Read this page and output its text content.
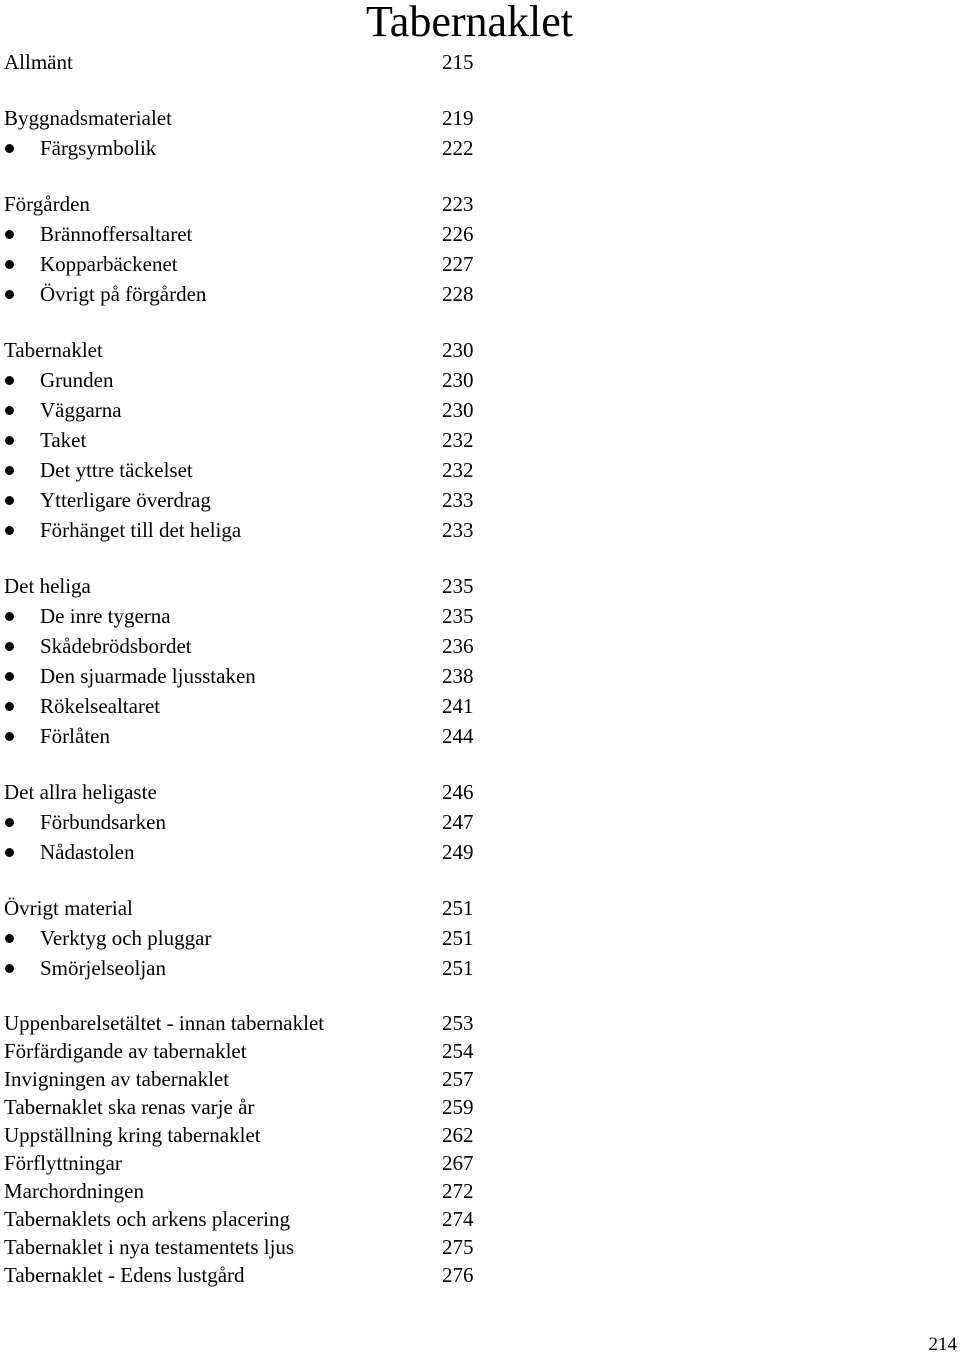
Tabernaklet
Allmänt	215
Byggnadsmaterialet	219
Färgsymbolik	222
Förgården	223
Brännoffersaltaret	226
Kopparbäckenet	227
Övrigt på förgården	228
Tabernaklet	230
Grunden	230
Väggarna	230
Taket	232
Det yttre täckelset	232
Ytterligare överdrag	233
Förhänget till det heliga	233
Det heliga	235
De inre tygerna	235
Skådebrödsbordet	236
Den sjuarmade ljusstaken	238
Rökelsealtaret	241
Förlåten	244
Det allra heligaste	246
Förbundsarken	247
Nådastolen	249
Övrigt material	251
Verktyg och pluggar	251
Smörjelseoljan	251
Uppenbarelsetältet - innan tabernaklet	253
Förfärdigande av tabernaklet	254
Invigningen av tabernaklet	257
Tabernaklet ska renas varje år	259
Uppställning kring tabernaklet	262
Förflyttningar	267
Marchordningen	272
Tabernaklets och arkens placering	274
Tabernaklet i nya testamentets ljus	275
Tabernaklet - Edens lustgård	276
214
